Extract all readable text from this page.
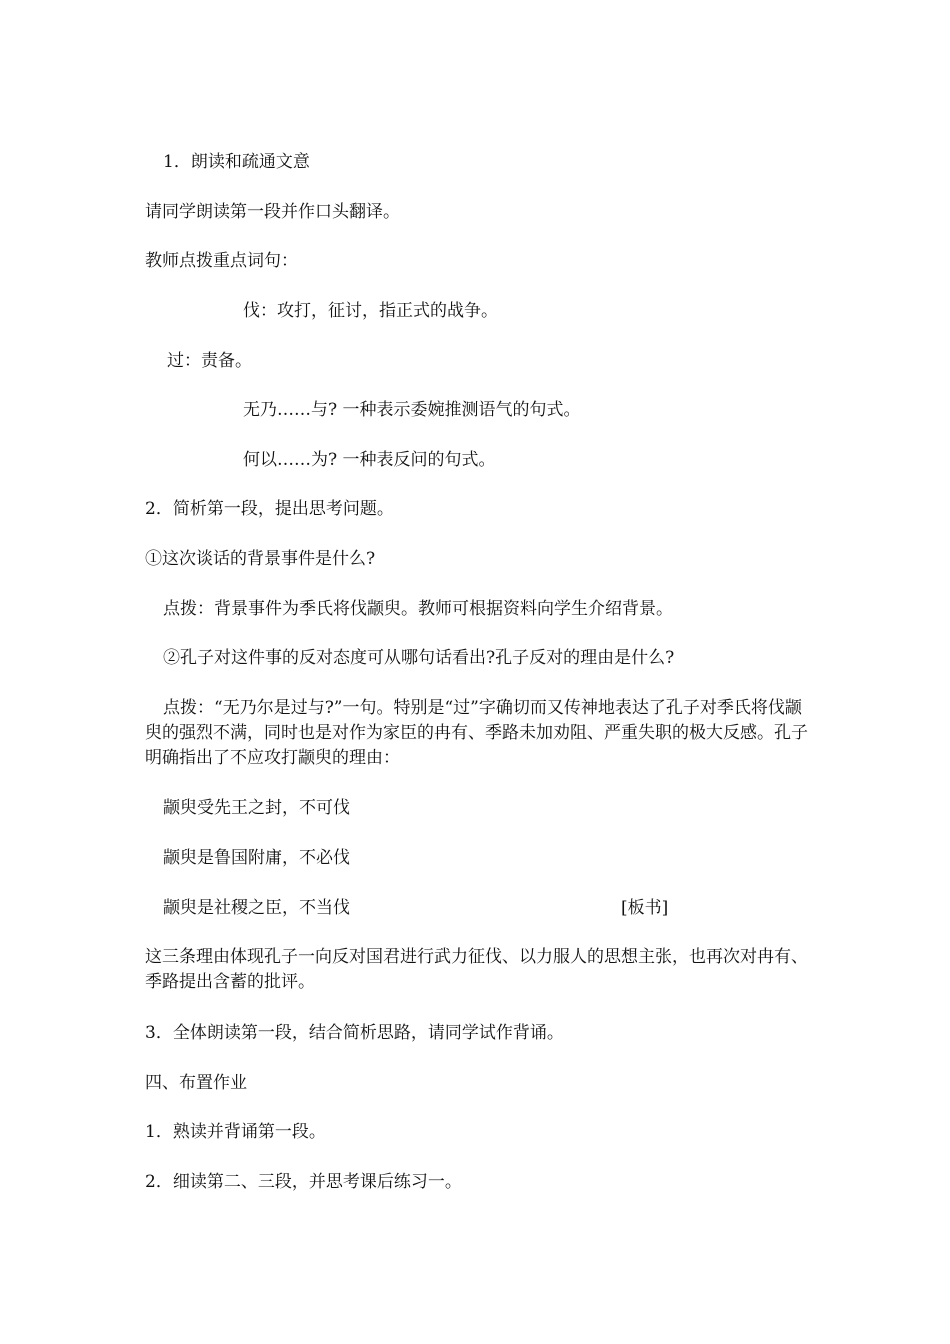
1．朗读和疏通文意
请同学朗读第一段并作口头翻译。
教师点拨重点词句：
伐：攻打，征讨，指正式的战争。
过：责备。
无乃……与? 一种表示委婉推测语气的句式。
何以……为? 一种表反问的句式。
2．简析第一段，提出思考问题。
①这次谈话的背景事件是什么?
点拨：背景事件为季氏将伐颛臾。教师可根据资料向学生介绍背景。
②孔子对这件事的反对态度可从哪句话看出?孔子反对的理由是什么?
点拨：“无乃尔是过与?”一句。特别是“过”字确切而又传神地表达了孔子对季氏将伐颛臾的强烈不满，同时也是对作为家臣的冉有、季路未加劝阻、严重失职的极大反感。孔子明确指出了不应攻打颛臾的理由：
颛臾受先王之封，不可伐
颛臾是鲁国附庸，不必伐
颛臾是社稷之臣，不当伐	[板书]
这三条理由体现孔子一向反对国君进行武力征伐、以力服人的思想主张，也再次对冉有、季路提出含蓄的批评。
3．全体朗读第一段，结合简析思路，请同学试作背诵。
四、布置作业
1．熟读并背诵第一段。
2．细读第二、三段，并思考课后练习一。
